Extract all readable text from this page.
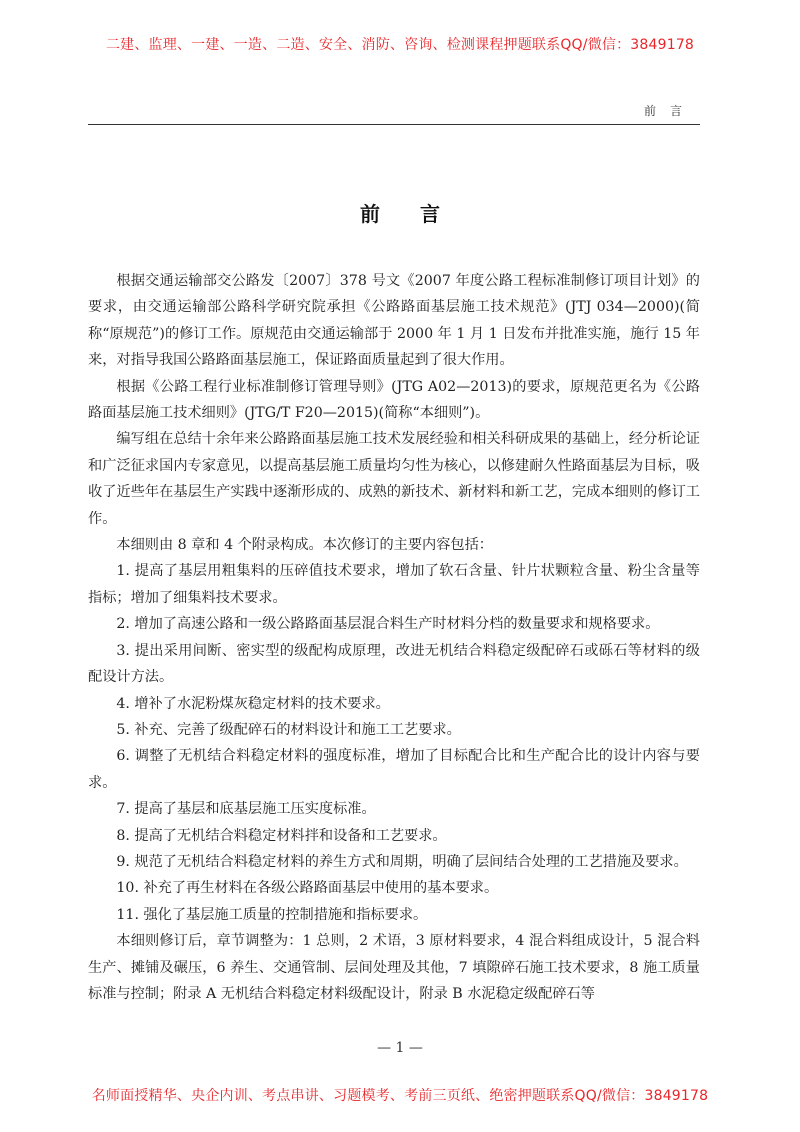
二建、监理、一建、一造、二造、安全、消防、咨询、检测课程押题联系QQ/微信：3849178
前言
前言

根据交通运输部交公路发〔2007〕378 号文《2007 年度公路工程标准制修订项目计划》的要求，由交通运输部公路科学研究院承担《公路路面基层施工技术规范》(JTJ 034—2000)(简称“原规范”)的修订工作。原规范由交通运输部于 2000 年 1 月 1 日发布并批准实施，施行 15 年来，对指导我国公路路面基层施工，保证路面质量起到了很大作用。

根据《公路工程行业标准制修订管理导则》(JTG A02—2013)的要求，原规范更名为《公路路面基层施工技术细则》(JTG/T F20—2015)(简称“本细则”)。

编写组在总结十余年来公路路面基层施工技术发展经验和相关科研成果的基础上，经分析论证和广泛征求国内专家意见，以提高基层施工质量均匀性为核心，以修建耐久性路面基层为目标，吸收了近些年在基层生产实践中逐渐形成的、成熟的新技术、新材料和新工艺，完成本细则的修订工作。

本细则由 8 章和 4 个附录构成。本次修订的主要内容包括：

1. 提高了基层用粗集料的压碎值技术要求，增加了软石含量、针片状颗粒含量、粉尘含量等指标；增加了细集料技术要求。

2. 增加了高速公路和一级公路路面基层混合料生产时材料分档的数量要求和规格要求。

3. 提出采用间断、密实型的级配构成原理，改进无机结合料稳定级配碎石或砾石等材料的级配设计方法。

4. 增补了水泥粉煤灰稳定材料的技术要求。

5. 补充、完善了级配碎石的材料设计和施工工艺要求。

6. 调整了无机结合料稳定材料的强度标准，增加了目标配合比和生产配合比的设计内容与要求。

7. 提高了基层和底基层施工压实度标准。

8. 提高了无机结合料稳定材料拌和设备和工艺要求。

9. 规范了无机结合料稳定材料的养生方式和周期，明确了层间结合处理的工艺措施及要求。

10. 补充了再生材料在各级公路路面基层中使用的基本要求。

11. 强化了基层施工质量的控制措施和指标要求。

本细则修订后，章节调整为：1 总则，2 术语，3 原材料要求，4 混合料组成设计，5 混合料生产、摊铺及碾压，6 养生、交通管制、层间处理及其他，7 填隙碎石施工技术要求，8 施工质量标准与控制；附录 A 无机结合料稳定材料级配设计，附录 B 水泥稳定级配碎石等

— 1 —
名师面授精华、央企内训、考点串讲、习题模考、考前三页纸、绝密押题联系QQ/微信：3849178
